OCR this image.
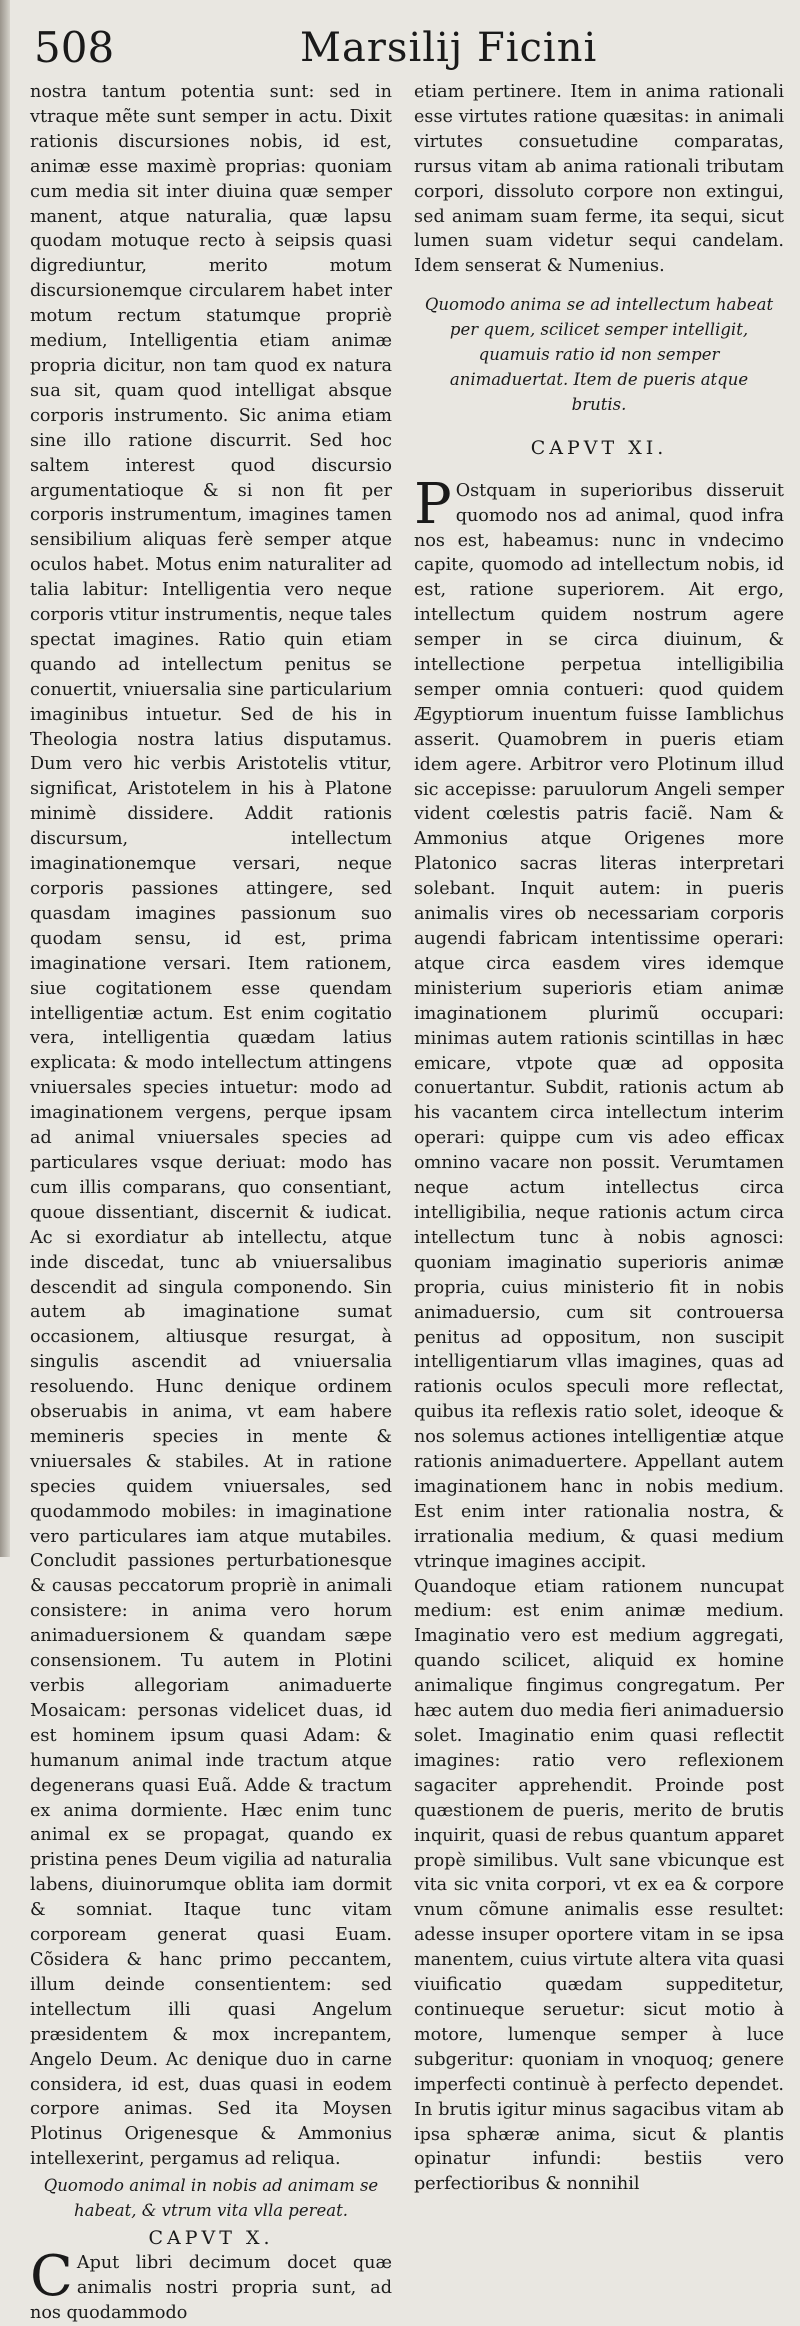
508	Marsilij Ficini

nostra tantum potentia sunt: sed in vtraque mẽte sunt semper in actu. Dixit rationis discursiones nobis, id est, animæ esse maximè proprias: quoniam cum media sit inter diuina quæ semper manent, atque naturalia, quæ lapsu quodam motuque recto à seipsis quasi digrediuntur, merito motum discursionemque circularem habet inter motum rectum statumque propriè medium, Intelligentia etiam animæ propria dicitur, non tam quod ex natura sua sit, quam quod intelligat absque corporis instrumento. Sic anima etiam sine illo ratione discurrit. Sed hoc saltem interest quod discursio argumentatioque & si non fit per corporis instrumentum, imagines tamen sensibilium aliquas ferè semper atque oculos habet. Motus enim naturaliter ad talia labitur: Intelligentia vero neque corporis vtitur instrumentis, neque tales spectat imagines. Ratio quin etiam quando ad intellectum penitus se conuertit, vniuersalia sine particularium imaginibus intuetur. Sed de his in Theologia nostra latius disputamus. Dum vero hic verbis Aristotelis vtitur, significat, Aristotelem in his à Platone minimè dissidere. Addit rationis discursum, intellectum imaginationemque versari, neque corporis passiones attingere, sed quasdam imagines passionum suo quodam sensu, id est, prima imaginatione versari. Item rationem, siue cogitationem esse quendam intelligentiæ actum. Est enim cogitatio vera, intelligentia quædam latius explicata: & modo intellectum attingens vniuersales species intuetur: modo ad imaginationem vergens, perque ipsam ad animal vniuersales species ad particulares vsque deriuat: modo has cum illis comparans, quo consentiant, quoue dissentiant, discernit & iudicat. Ac si exordiatur ab intellectu, atque inde discedat, tunc ab vniuersalibus descendit ad singula componendo. Sin autem ab imaginatione sumat occasionem, altiusque resurgat, à singulis ascendit ad vniuersalia resoluendo. Hunc denique ordinem obseruabis in anima, vt eam habere memineris species in mente & vniuersales & stabiles. At in ratione species quidem vniuersales, sed quodammodo mobiles: in imaginatione vero particulares iam atque mutabiles. Concludit passiones perturbationesque & causas peccatorum propriè in animali consistere: in anima vero horum animaduersionem & quandam sæpe consensionem. Tu autem in Plotini verbis allegoriam animaduerte Mosaicam: personas videlicet duas, id est hominem ipsum quasi Adam: & humanum animal inde tractum atque degenerans quasi Euã. Adde & tractum ex anima dormiente. Hæc enim tunc animal ex se propagat, quando ex pristina penes Deum vigilia ad naturalia labens, diuinorumque oblita iam dormit & somniat. Itaque tunc vitam corpoream generat quasi Euam. Cõsidera & hanc primo peccantem, illum deinde consentientem: sed intellectum illi quasi Angelum præsidentem & mox increpantem, Angelo Deum. Ac denique duo in carne considera, id est, duas quasi in eodem corpore animas. Sed ita Moysen Plotinus Origenesque & Ammonius intellexerint, pergamus ad reliqua.

Quomodo animal in nobis ad animam se habeat, & vtrum vita vlla pereat.
CAPVT X.

C Aput libri decimum docet quæ animalis nostri propria sunt, ad nos quodammodo

etiam pertinere. Item in anima rationali esse virtutes ratione quæsitas: in animali virtutes consuetudine comparatas, rursus vitam ab anima rationali tributam corpori, dissoluto corpore non extingui, sed animam suam ferme, ita sequi, sicut lumen suam videtur sequi candelam. Idem senserat & Numenius.

Quomodo anima se ad intellectum habeat per quem, scilicet semper intelligit, quamuis ratio id non semper animaduertat. Item de pueris atque brutis.
CAPVT XI.

P Ostquam in superioribus disseruit quomodo nos ad animal, quod infra nos est, habeamus: nunc in vndecimo capite, quomodo ad intellectum nobis, id est, ratione superiorem. Ait ergo, intellectum quidem nostrum agere semper in se circa diuinum, & intellectione perpetua intelligibilia semper omnia contueri: quod quidem Ægyptiorum inuentum fuisse Iamblichus asserit. Quamobrem in pueris etiam idem agere. Arbitror vero Plotinum illud sic accepisse: paruulorum Angeli semper vident cœlestis patris faciẽ. Nam & Ammonius atque Origenes more Platonico sacras literas interpretari solebant. Inquit autem: in pueris animalis vires ob necessariam corporis augendi fabricam intentissime operari: atque circa easdem vires idemque ministerium superioris etiam animæ imaginationem plurimũ occupari: minimas autem rationis scintillas in hæc emicare, vtpote quæ ad opposita conuertantur. Subdit, rationis actum ab his vacantem circa intellectum interim operari: quippe cum vis adeo efficax omnino vacare non possit. Verumtamen neque actum intellectus circa intelligibilia, neque rationis actum circa intellectum tunc à nobis agnosci: quoniam imaginatio superioris animæ propria, cuius ministerio fit in nobis animaduersio, cum sit controuersa penitus ad oppositum, non suscipit intelligentiarum vllas imagines, quas ad rationis oculos speculi more reflectat, quibus ita reflexis ratio solet, ideoque & nos solemus actiones intelligentiæ atque rationis animaduertere. Appellant autem imaginationem hanc in nobis medium. Est enim inter rationalia nostra, & irrationalia medium, & quasi medium vtrinque imagines accipit.

Quandoque etiam rationem nuncupat medium: est enim animæ medium. Imaginatio vero est medium aggregati, quando scilicet, aliquid ex homine animalique fingimus congregatum. Per hæc autem duo media fieri animaduersio solet. Imaginatio enim quasi reflectit imagines: ratio vero reflexionem sagaciter apprehendit. Proinde post quæstionem de pueris, merito de brutis inquirit, quasi de rebus quantum apparet propè similibus. Vult sane vbicunque est vita sic vnita corpori, vt ex ea & corpore vnum cõmune animalis esse resultet: adesse insuper oportere vitam in se ipsa manentem, cuius virtute altera vita quasi viuificatio quædam suppeditetur, continueque seruetur: sicut motio à motore, lumenque semper à luce subgeritur: quoniam in vnoquoq; genere imperfecti continuè à perfecto dependet. In brutis igitur minus sagacibus vitam ab ipsa sphæræ anima, sicut & plantis opinatur infundi: bestiis vero perfectioribus & nonnihil
